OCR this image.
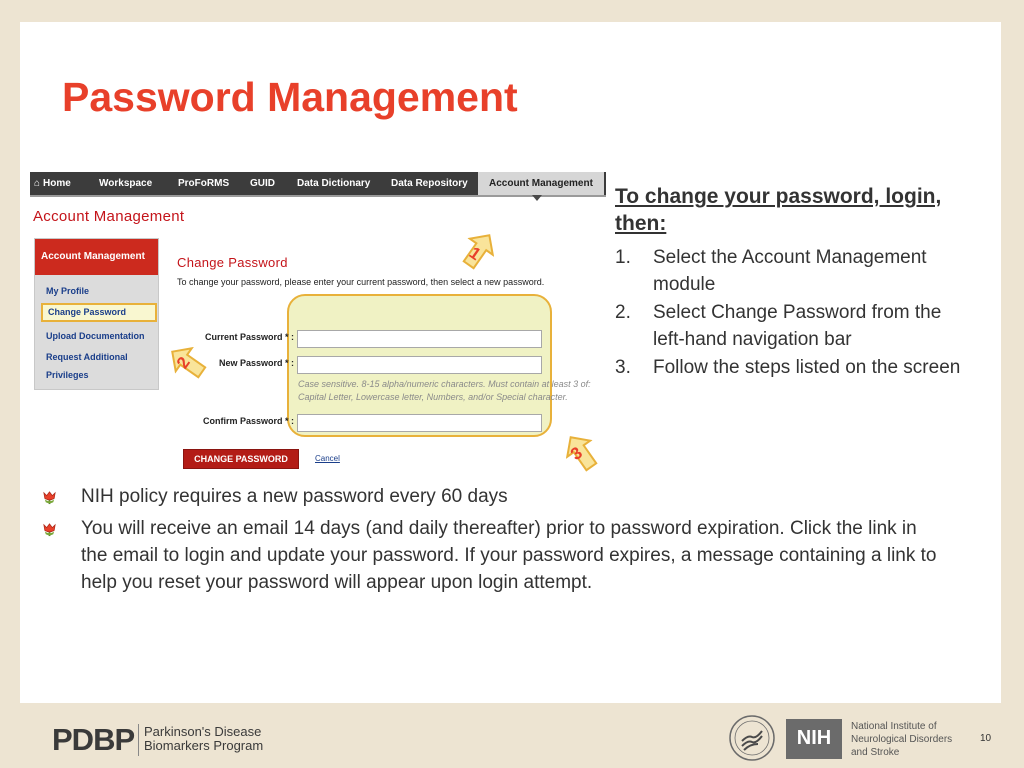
Password Management
⌂ Home	Workspace	ProFoRMS GUID Data Dictionary Data Repository	Account Management
Account Management
Account Management
My Profile
Change Password
Upload Documentation
Request Additional
Privileges
Change Password
To change your password, please enter your current password, then select a new password.
Current Password * :
New Password * :
Case sensitive. 8-15 alpha/numeric characters. Must contain at least 3 of:
Capital Letter, Lowercase letter, Numbers, and/or Special character.
Confirm Password * :
CHANGE PASSWORD	Cancel
1
2
3
To change your password, login, then:
1. Select the Account Management module
2. Select Change Password from the left-hand navigation bar
3. Follow the steps listed on the screen
NIH policy requires a new password every 60 days
You will receive an email 14 days (and daily thereafter) prior to password expiration. Click the link in the email to login and update your password. If your password expires, a message containing a link to help you reset your password will appear upon login attempt.
PDBP Parkinson's Disease
Biomarkers Program	NIH
National Institute of
Neurological Disorders
and Stroke
10
